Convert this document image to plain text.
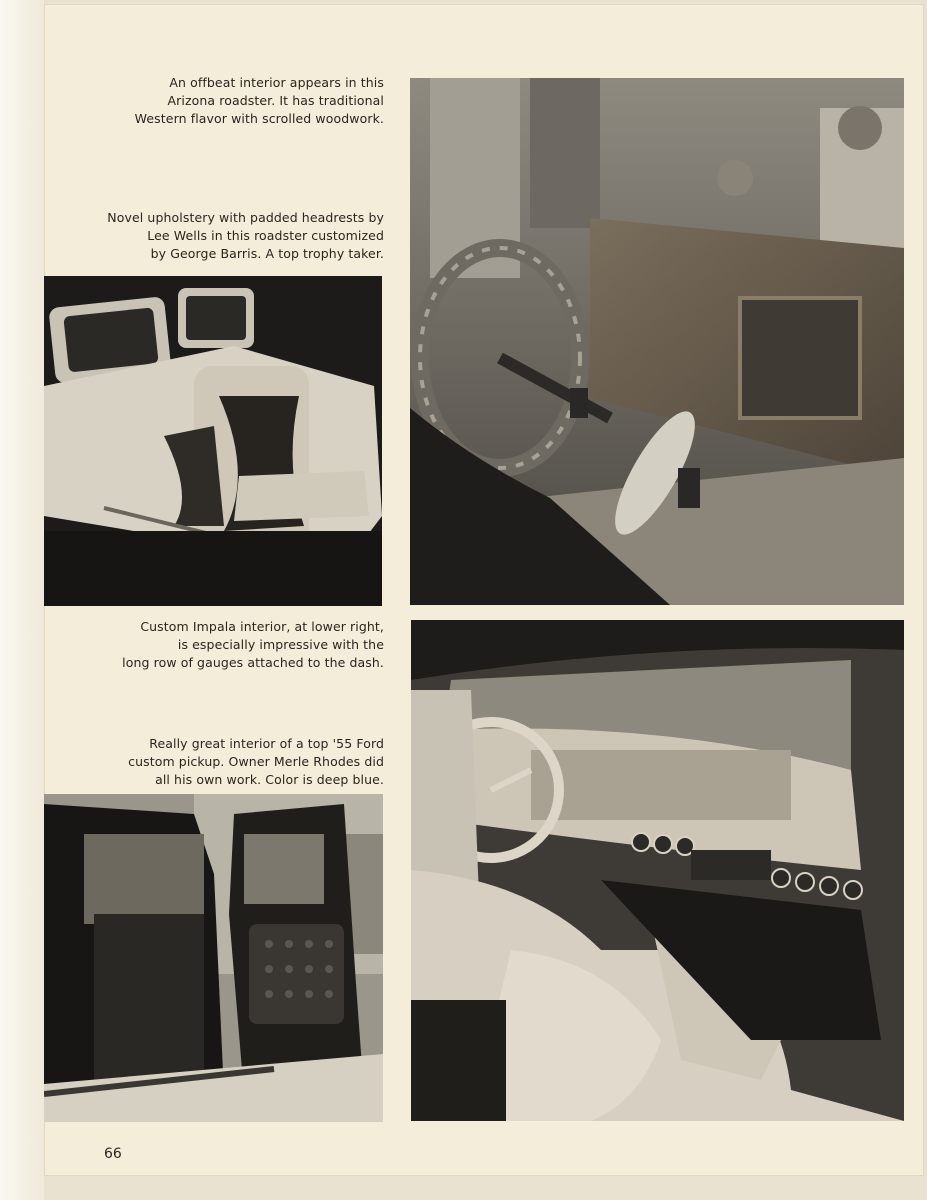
An offbeat interior appears in this
Arizona roadster. It has traditional
Western flavor with scrolled woodwork.
Novel upholstery with padded headrests by
Lee Wells in this roadster customized
by George Barris. A top trophy taker.
Custom Impala interior, at lower right,
is especially impressive with the
long row of gauges attached to the dash.
Really great interior of a top '55 Ford
custom pickup. Owner Merle Rhodes did
all his own work. Color is deep blue.
66
